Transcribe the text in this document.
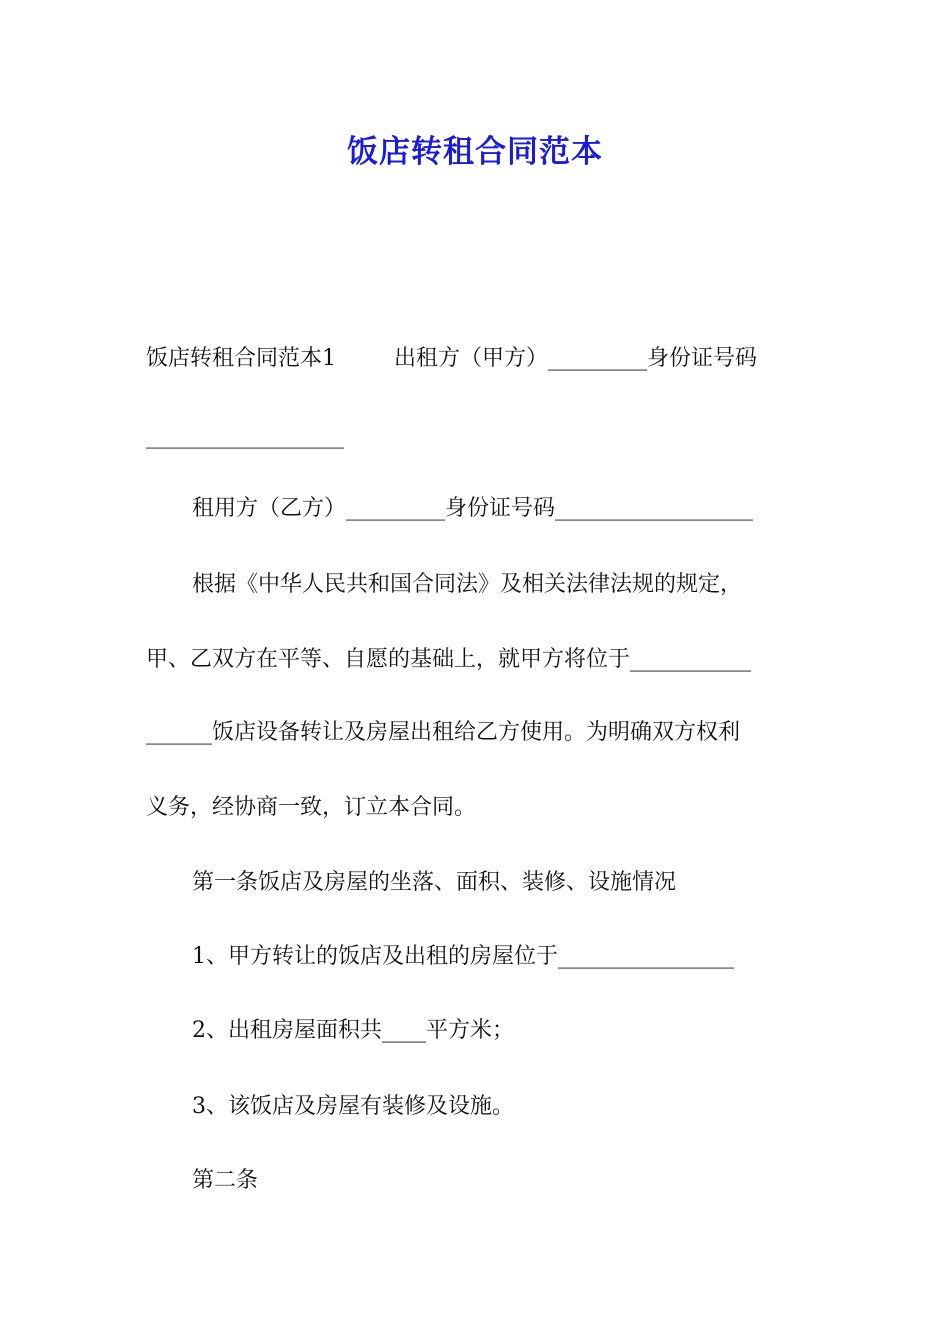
饭店转租合同范本
饭店转租合同范本1	出租方（甲方）_________身份证号码
__________________
租用方（乙方）_________身份证号码__________________
根据《中华人民共和国合同法》及相关法律法规的规定，
甲、乙双方在平等、自愿的基础上，就甲方将位于___________
______饭店设备转让及房屋出租给乙方使用。为明确双方权利
义务，经协商一致，订立本合同。
第一条饭店及房屋的坐落、面积、装修、设施情况
1、甲方转让的饭店及出租的房屋位于________________
2、出租房屋面积共____平方米；
3、该饭店及房屋有装修及设施。
第二条
